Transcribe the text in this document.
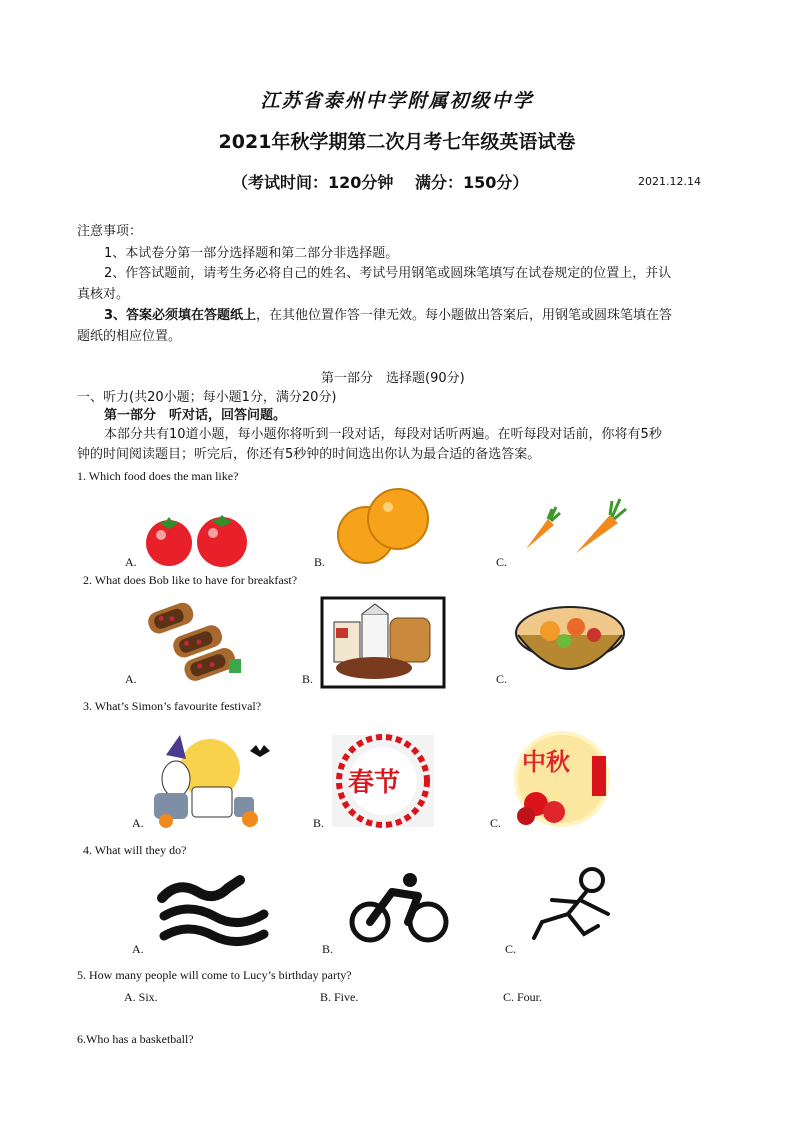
江苏省泰州中学附属初级中学
2021年秋学期第二次月考七年级英语试卷
（考试时间：120分钟　 满分：150分）	2021.12.14
注意事项：
1、本试卷分第一部分选择题和第二部分非选择题。
2、作答试题前，请考生务必将自己的姓名、考试号用钢笔或圆珠笔填写在试卷规定的位置上，并认
真核对。
3、答案必须填在答题纸上，在其他位置作答一律无效。每小题做出答案后，用钢笔或圆珠笔填在答
题纸的相应位置。
第一部分　选择题(90分)
一、听力(共20小题；每小题1分，满分20分)
第一部分　听对话，回答问题。
本部分共有10道小题，每小题你将听到一段对话，每段对话听两遍。在听每段对话前，你将有5秒
钟的时间阅读题目；听完后，你还有5秒钟的时间选出你认为最合适的备选答案。
1. Which food does the man like?
A.	B.	C.
2. What does Bob like to have for breakfast?
A.	B.	C.
3. What’s Simon’s favourite festival?
春节
中秋
A.	B.	C.
4. What will they do?
A.	B.	C.
5. How many people will come to Lucy’s birthday party?
A. Six.	B. Five.	C. Four.
6.Who has a basketball?
